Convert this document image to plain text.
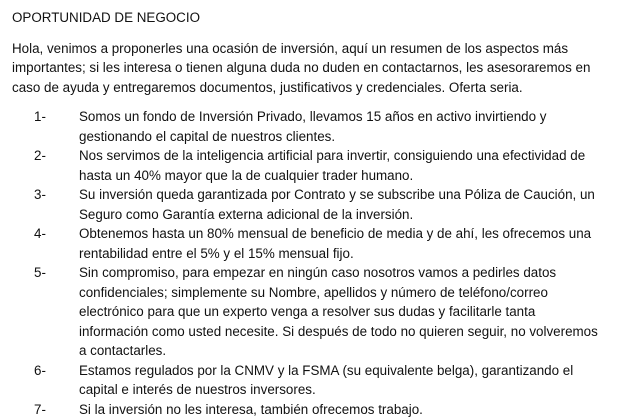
OPORTUNIDAD DE NEGOCIO

Hola, venimos a proponerles una ocasión de inversión, aquí un resumen de los aspectos más importantes; si les interesa o tienen alguna duda no duden en contactarnos, les asesoraremos en caso de ayuda y entregaremos documentos, justificativos y credenciales. Oferta seria.

1-	Somos un fondo de Inversión Privado, llevamos 15 años en activo invirtiendo y gestionando el capital de nuestros clientes.
2-	Nos servimos de la inteligencia artificial para invertir, consiguiendo una efectividad de hasta un 40% mayor que la de cualquier trader humano.
3-	Su inversión queda garantizada por Contrato y se subscribe una Póliza de Caución, un Seguro como Garantía externa adicional de la inversión.
4-	Obtenemos hasta un 80% mensual de beneficio de media y de ahí, les ofrecemos una rentabilidad entre el 5% y el 15% mensual fijo.
5-	Sin compromiso, para empezar en ningún caso nosotros vamos a pedirles datos confidenciales; simplemente su Nombre, apellidos y número de teléfono/correo electrónico para que un experto venga a resolver sus dudas y facilitarle tanta información como usted necesite. Si después de todo no quieren seguir, no volveremos a contactarles.
6-	Estamos regulados por la CNMV y la FSMA (su equivalente belga), garantizando el capital e interés de nuestros inversores.
7-	Si la inversión no les interesa, también ofrecemos trabajo.
